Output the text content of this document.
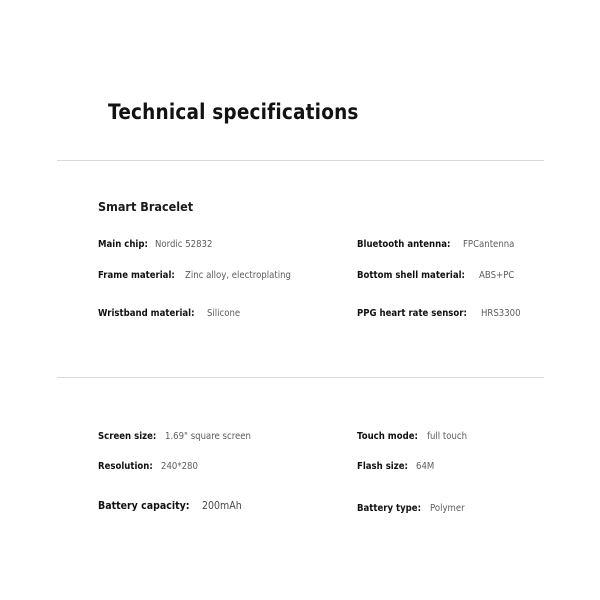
Technical specifications
Smart Bracelet
Main chip: Nordic 52832
Frame material: Zinc alloy, electroplating
Wristband material: Silicone
Bluetooth antenna: FPCantenna
Bottom shell material: ABS+PC
PPG heart rate sensor: HRS3300
Screen size: 1.69" square screen
Resolution: 240*280
Battery capacity: 200mAh
Touch mode: full touch
Flash size: 64M
Battery type: Polymer
